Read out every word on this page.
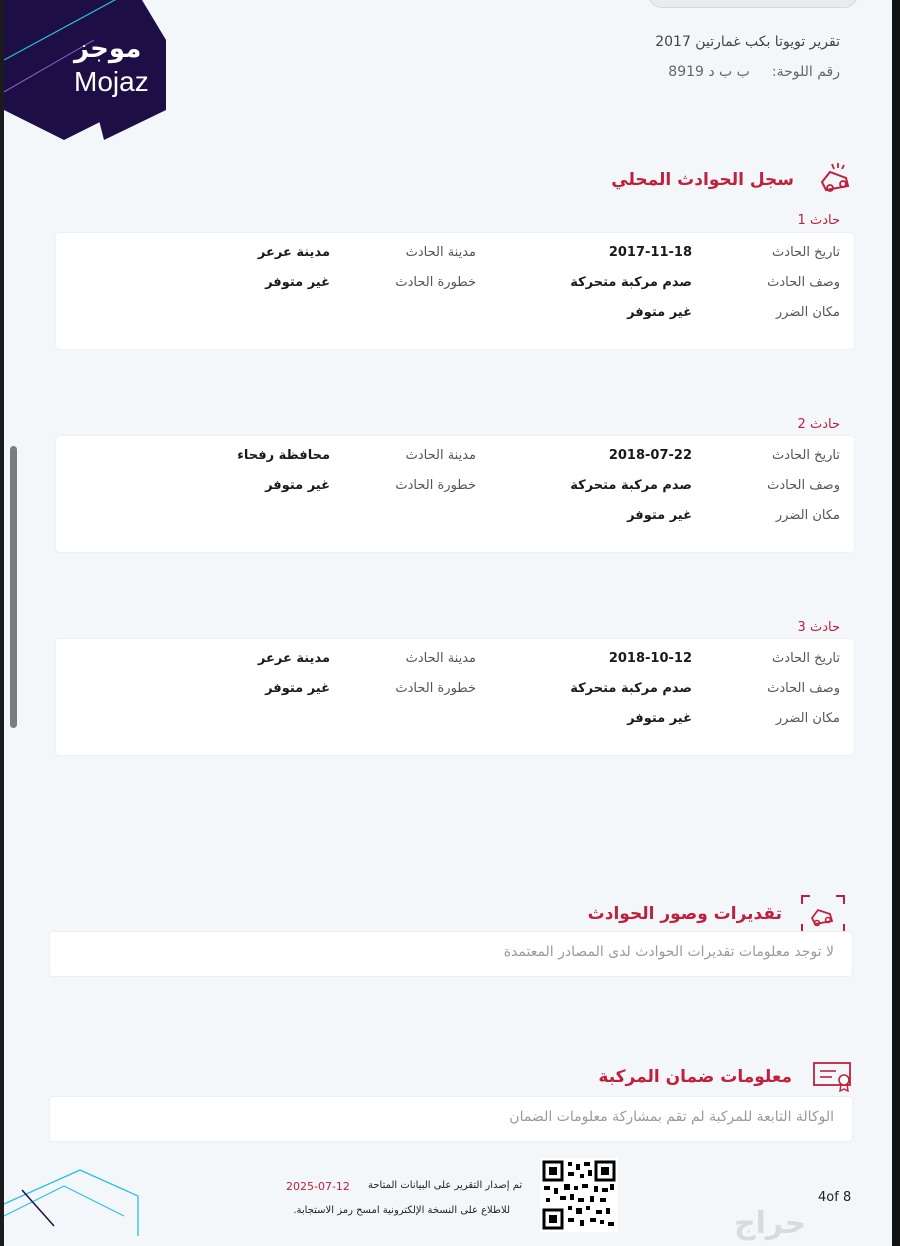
موجز
Mojaz
تقرير تويوتا بكب غمارتين 2017
رقم اللوحة:ب ب د 8919
سجل الحوادث المحلي
حادث 1
تاريخ الحادث
2017-11-18
مدينة الحادث
مدينة عرعر
وصف الحادث
صدم مركبة متحركة
خطورة الحادث
غير متوفر
مكان الضرر
غير متوفر
حادث 2
تاريخ الحادث
2018-07-22
مدينة الحادث
محافظة رفحاء
وصف الحادث
صدم مركبة متحركة
خطورة الحادث
غير متوفر
مكان الضرر
غير متوفر
حادث 3
تاريخ الحادث
2018-10-12
مدينة الحادث
مدينة عرعر
وصف الحادث
صدم مركبة متحركة
خطورة الحادث
غير متوفر
مكان الضرر
غير متوفر
تقديرات وصور الحوادث
لا توجد معلومات تقديرات الحوادث لدى المصادر المعتمدة
معلومات ضمان المركبة
الوكالة التابعة للمركبة لم تقم بمشاركة معلومات الضمان
تم إصدار التقرير على البيانات المتاحة
2025-07-12
للاطلاع على النسخة الإلكترونية امسح رمز الاستجابة.
4of 8
حراج
